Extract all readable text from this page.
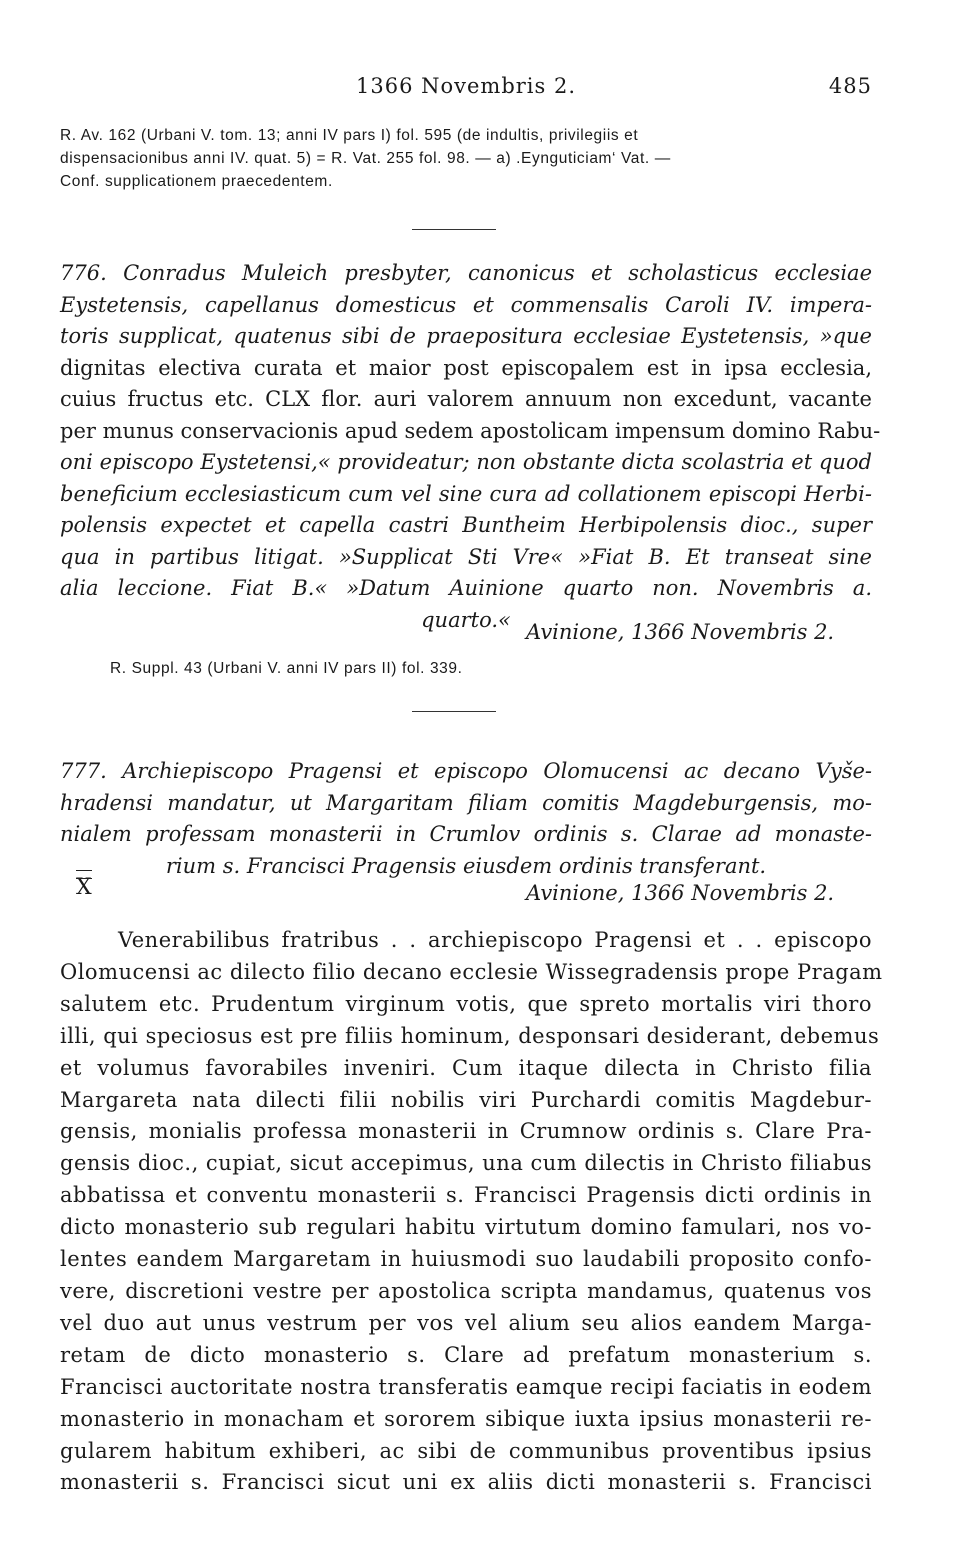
1366 Novembris 2.	485
R. Av. 162 (Urbani V. tom. 13; anni IV pars I) fol. 595 (de indultis, privilegiis et
dispensacionibus anni IV. quat. 5) = R. Vat. 255 fol. 98. — a) .Eynguticiam‘ Vat. —
Conf. supplicationem praecedentem.
776. Conradus Muleich presbyter, canonicus et scholasticus ecclesiae
Eystetensis, capellanus domesticus et commensalis Caroli IV. impera-
toris supplicat, quatenus sibi de praepositura ecclesiae Eystetensis, »que
dignitas electiva curata et maior post episcopalem est in ipsa ecclesia,
cuius fructus etc. CLX flor. auri valorem annuum non excedunt, vacante
per munus conservacionis apud sedem apostolicam impensum domino Rabu-
oni episcopo Eystetensi,« provideatur; non obstante dicta scolastria et quod
beneficium ecclesiasticum cum vel sine cura ad collationem episcopi Herbi-
polensis expectet et capella castri Buntheim Herbipolensis dioc., super
qua in partibus litigat. »Supplicat Sti Vre« »Fiat B. Et transeat sine
alia leccione. Fiat B.« »Datum Auinione quarto non. Novembris a.
quarto.«
Avinione, 1366 Novembris 2.
R. Suppl. 43 (Urbani V. anni IV pars II) fol. 339.
777. Archiepiscopo Pragensi et episcopo Olomucensi ac decano Vyše-
hradensi mandatur, ut Margaritam filiam comitis Magdeburgensis, mo-
nialem professam monasterii in Crumlov ordinis s. Clarae ad monaste-
rium s. Francisci Pragensis eiusdem ordinis transferant.
X	Avinione, 1366 Novembris 2.
Venerabilibus fratribus . . archiepiscopo Pragensi et . . episcopo
Olomucensi ac dilecto filio decano ecclesie Wissegradensis prope Pragam
salutem etc. Prudentum virginum votis, que spreto mortalis viri thoro
illi, qui speciosus est pre filiis hominum, desponsari desiderant, debemus
et volumus favorabiles inveniri. Cum itaque dilecta in Christo filia
Margareta nata dilecti filii nobilis viri Purchardi comitis Magdebur-
gensis, monialis professa monasterii in Crumnow ordinis s. Clare Pra-
gensis dioc., cupiat, sicut accepimus, una cum dilectis in Christo filiabus
abbatissa et conventu monasterii s. Francisci Pragensis dicti ordinis in
dicto monasterio sub regulari habitu virtutum domino famulari, nos vo-
lentes eandem Margaretam in huiusmodi suo laudabili proposito confo-
vere, discretioni vestre per apostolica scripta mandamus, quatenus vos
vel duo aut unus vestrum per vos vel alium seu alios eandem Marga-
retam de dicto monasterio s. Clare ad prefatum monasterium s.
Francisci auctoritate nostra transferatis eamque recipi faciatis in eodem
monasterio in monacham et sororem sibique iuxta ipsius monasterii re-
gularem habitum exhiberi, ac sibi de communibus proventibus ipsius
monasterii s. Francisci sicut uni ex aliis dicti monasterii s. Francisci
